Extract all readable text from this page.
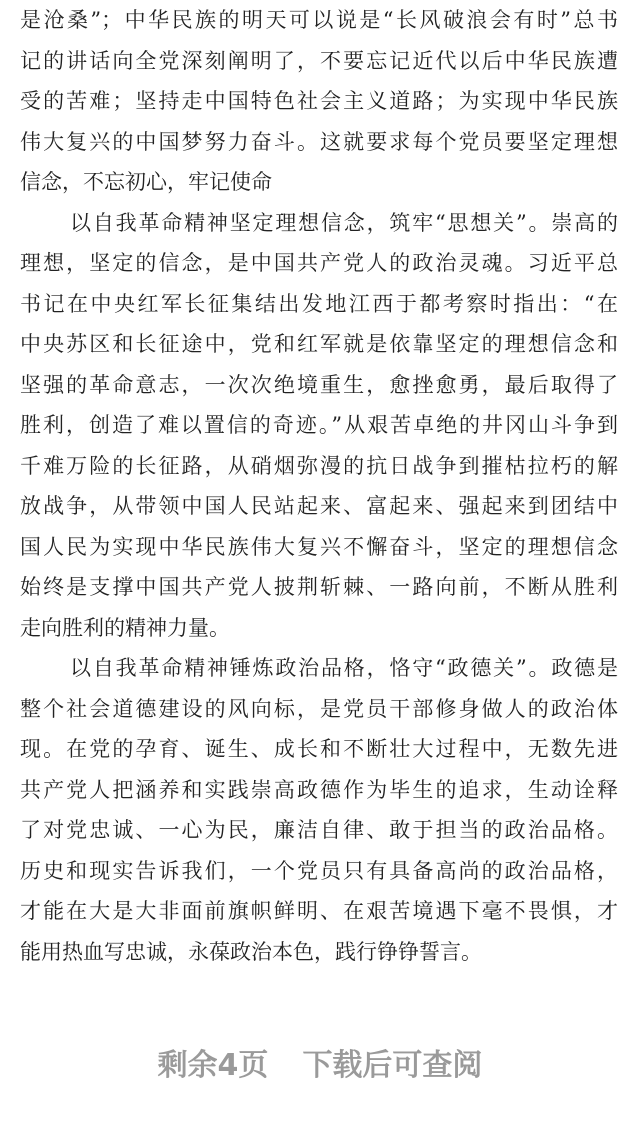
是沧桑”；中华民族的明天可以说是“长风破浪会有时”总书
记的讲话向全党深刻阐明了，不要忘记近代以后中华民族遭
受的苦难；坚持走中国特色社会主义道路；为实现中华民族
伟大复兴的中国梦努力奋斗。这就要求每个党员要坚定理想
信念，不忘初心，牢记使命
以自我革命精神坚定理想信念，筑牢“思想关”。崇高的
理想，坚定的信念，是中国共产党人的政治灵魂。习近平总
书记在中央红军长征集结出发地江西于都考察时指出：“在
中央苏区和长征途中，党和红军就是依靠坚定的理想信念和
坚强的革命意志，一次次绝境重生，愈挫愈勇，最后取得了
胜利，创造了难以置信的奇迹。”从艰苦卓绝的井冈山斗争到
千难万险的长征路，从硝烟弥漫的抗日战争到摧枯拉朽的解
放战争，从带领中国人民站起来、富起来、强起来到团结中
国人民为实现中华民族伟大复兴不懈奋斗，坚定的理想信念
始终是支撑中国共产党人披荆斩棘、一路向前，不断从胜利
走向胜利的精神力量。
以自我革命精神锤炼政治品格，恪守“政德关”。政德是
整个社会道德建设的风向标，是党员干部修身做人的政治体
现。在党的孕育、诞生、成长和不断壮大过程中，无数先进
共产党人把涵养和实践崇高政德作为毕生的追求，生动诠释
了对党忠诚、一心为民，廉洁自律、敢于担当的政治品格。
历史和现实告诉我们，一个党员只有具备高尚的政治品格，
才能在大是大非面前旗帜鲜明、在艰苦境遇下毫不畏惧，才
能用热血写忠诚，永葆政治本色，践行铮铮誓言。
剩余4页 下载后可查阅
